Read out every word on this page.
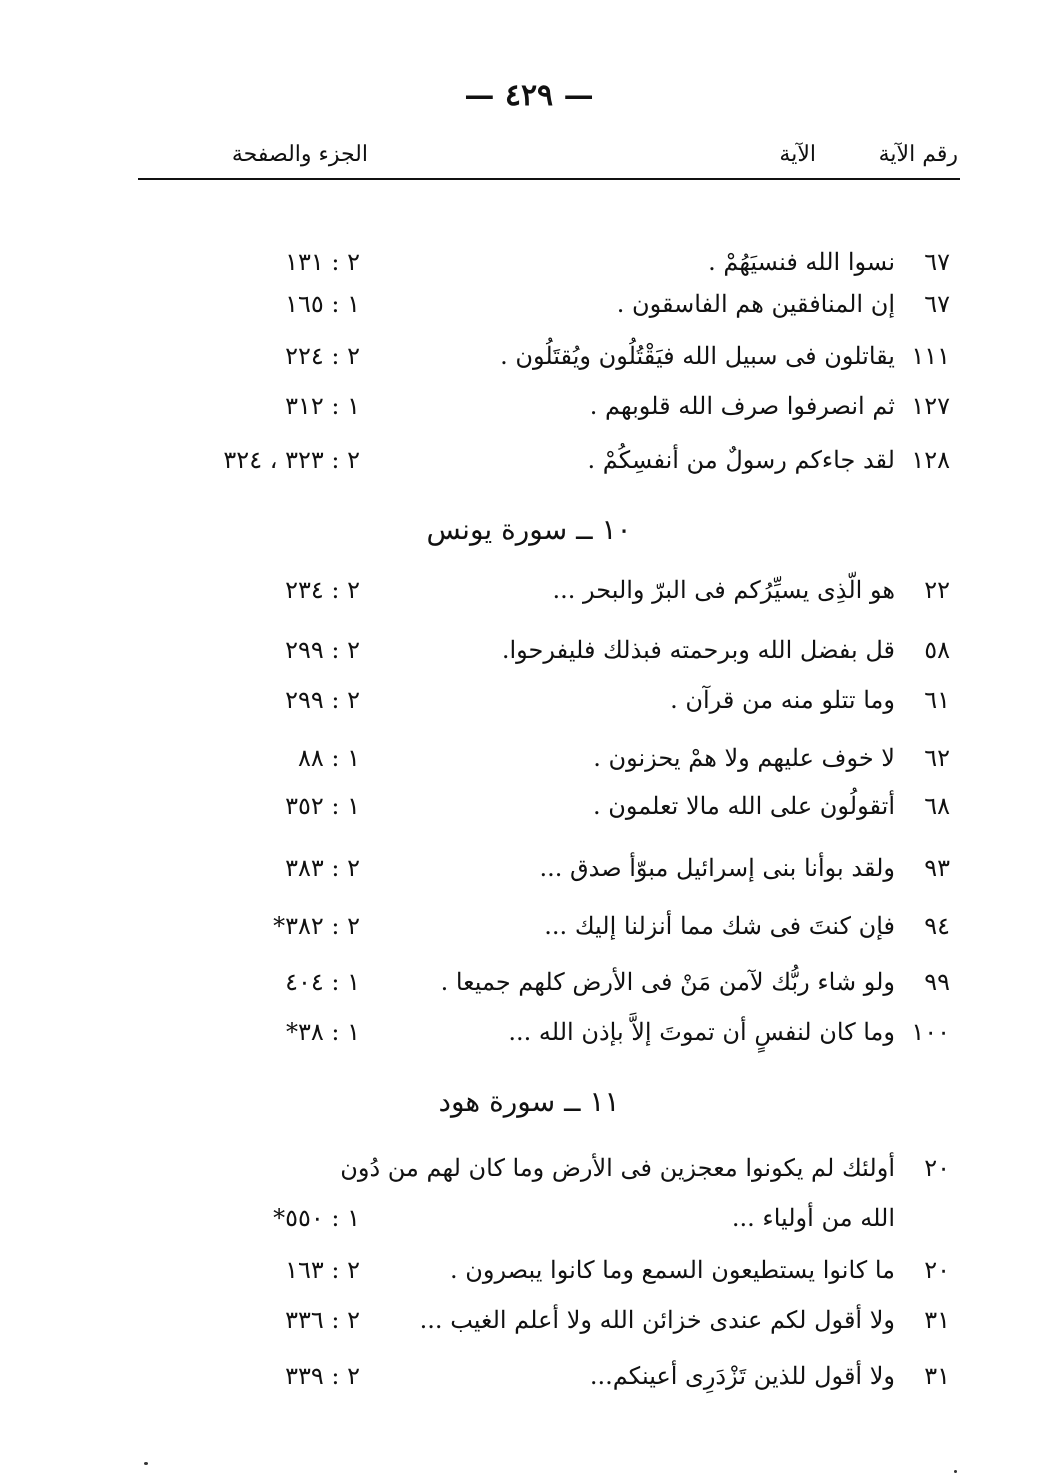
— ٤٢٩ —
رقم الآية
الآية
الجزء والصفحة
٦٧
نسوا الله فنسيَهُمْ .
٢ : ١٣١
٦٧
إن المنافقين هم الفاسقون .
١ : ١٦٥
١١١
يقاتلون فى سبيل الله فيَقْتُلُون ويُقتَلُون .
٢ : ٢٢٤
١٢٧
ثم انصرفوا صرف الله قلوبهم .
١ : ٣١٢
١٢٨
لقد جاءكم رسولٌ من أنفسِكُمْ .
٢ : ٣٢٣ ، ٣٢٤
١٠ ــ سورة يونس
٢٢
هو الّذِى يسيِّرُكم فى البرّ والبحر ...
٢ : ٢٣٤
٥٨
قل بفضل الله وبرحمته فبذلك فليفرحوا.
٢ : ٢٩٩
٦١
وما تتلو منه من قرآن .
٢ : ٢٩٩
٦٢
لا خوف عليهم ولا همْ يحزنون .
١ : ٨٨
٦٨
أتقولُون على الله مالا تعلمون .
١ : ٣٥٢
٩٣
ولقد بوأنا بنى إسرائيل مبوّأ صدق ...
٢ : ٣٨٣
٩٤
فإن كنتَ فى شك مما أنزلنا إليك ...
٢ : ٣٨٢*
٩٩
ولو شاء ربُّك لآمن مَنْ فى الأرض كلهم جميعا .
١ : ٤٠٤
١٠٠
وما كان لنفسٍ أن تموتَ إلاَّ بإذن الله ...
١ : ٣٨*
١١ ــ سورة هود
٢٠
أولئك لم يكونوا معجزين فى الأرض وما كان لهم من دُون
الله من أولياء ...
١ : ٥٥٠*
٢٠
ما كانوا يستطيعون السمع وما كانوا يبصرون .
٢ : ١٦٣
٣١
ولا أقول لكم عندى خزائن الله ولا أعلم الغيب ...
٢ : ٣٣٦
٣١
ولا أقول للذين تَزْدَرِى أعينكم...
٢ : ٣٣٩
